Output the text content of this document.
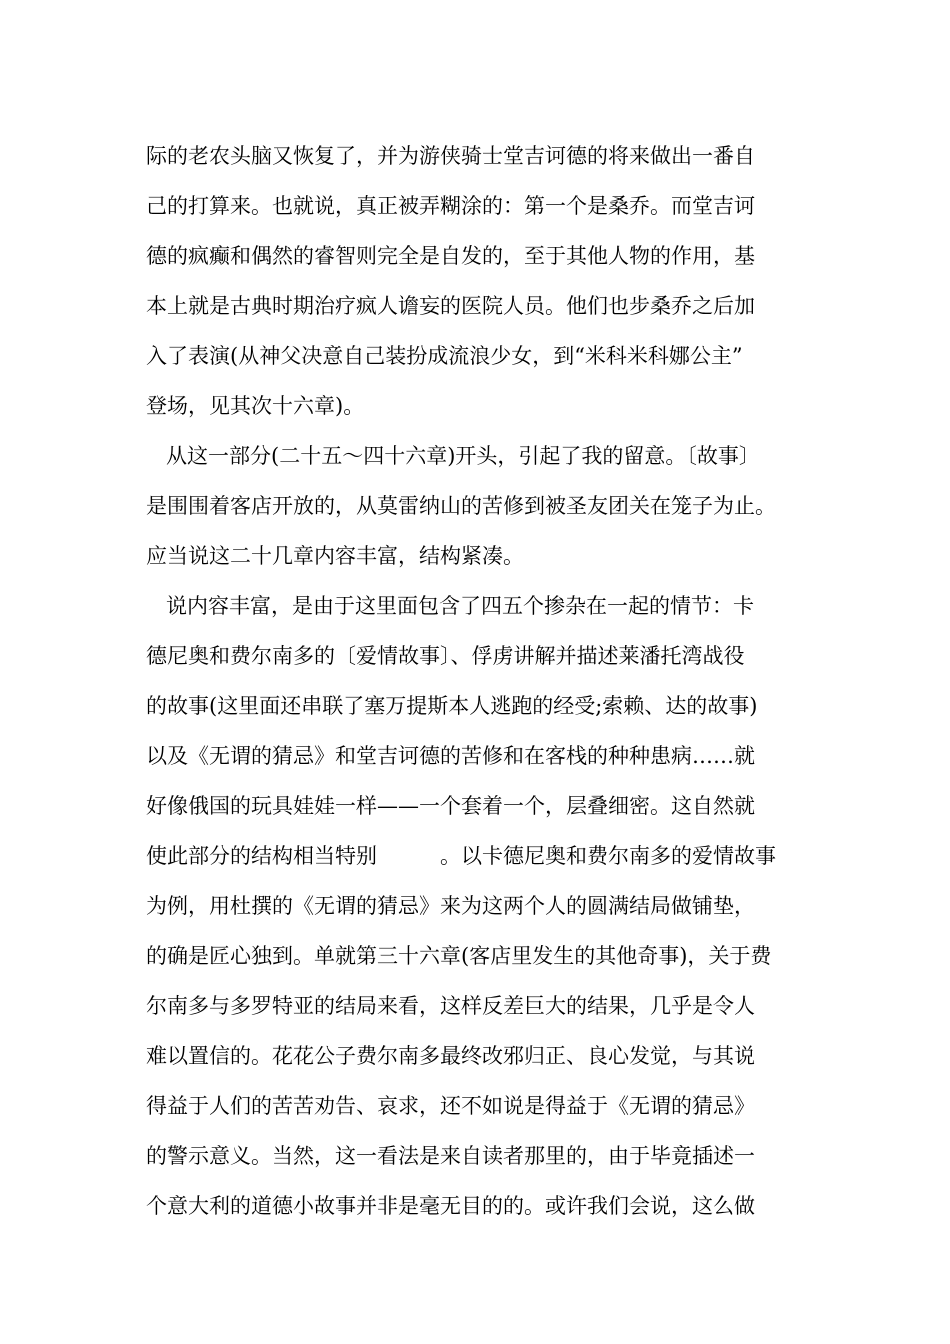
际的老农头脑又恢复了，并为游侠骑士堂吉诃德的将来做出一番自
己的打算来。也就说，真正被弄糊涂的：第一个是桑乔。而堂吉诃
德的疯癫和偶然的睿智则完全是自发的，至于其他人物的作用，基
本上就是古典时期治疗疯人谵妄的医院人员。他们也步桑乔之后加
入了表演(从神父决意自己装扮成流浪少女，到“米科米科娜公主”
登场，见其次十六章)。
从这一部分(二十五～四十六章)开头，引起了我的留意。〔故事〕
是围围着客店开放的，从莫雷纳山的苦修到被圣友团关在笼子为止。
应当说这二十几章内容丰富，结构紧凑。
说内容丰富，是由于这里面包含了四五个掺杂在一起的情节：卡
德尼奥和费尔南多的〔爱情故事〕、俘虏讲解并描述莱潘托湾战役
的故事(这里面还串联了塞万提斯本人逃跑的经受;索赖、达的故事)
以及《无谓的猜忌》和堂吉诃德的苦修和在客栈的种种患病……就
好像俄国的玩具娃娃一样——一个套着一个，层叠细密。这自然就
使此部分的结构相当特别　　　。以卡德尼奥和费尔南多的爱情故事
为例，用杜撰的《无谓的猜忌》来为这两个人的圆满结局做铺垫，
的确是匠心独到。单就第三十六章(客店里发生的其他奇事)，关于费
尔南多与多罗特亚的结局来看，这样反差巨大的结果，几乎是令人
难以置信的。花花公子费尔南多最终改邪归正、良心发觉，与其说
得益于人们的苦苦劝告、哀求，还不如说是得益于《无谓的猜忌》
的警示意义。当然，这一看法是来自读者那里的，由于毕竟插述一
个意大利的道德小故事并非是毫无目的的。或许我们会说，这么做
